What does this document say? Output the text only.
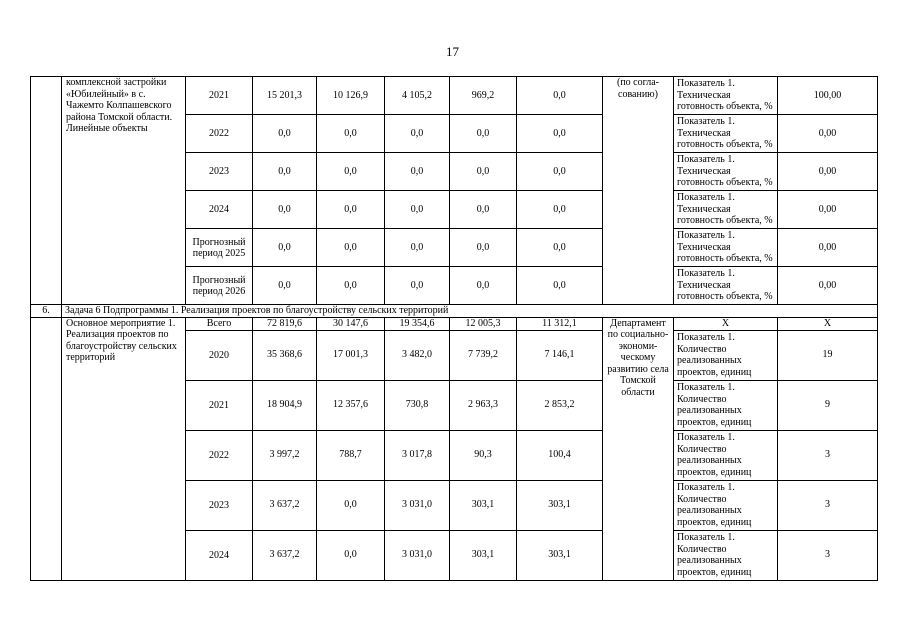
17
	комплексной застройки «Юбилейный» в с. Чажемто Колпашевского района Томской области. Линейные объекты	2021	15 201,3	10 126,9	4 105,2	969,2	0,0	(по согла-сованию)	Показатель 1. Техническая готовность объекта, %	100,00
		2022	0,0	0,0	0,0	0,0	0,0		Показатель 1. Техническая готовность объекта, %	0,00
		2023	0,0	0,0	0,0	0,0	0,0		Показатель 1. Техническая готовность объекта, %	0,00
		2024	0,0	0,0	0,0	0,0	0,0		Показатель 1. Техническая готовность объекта, %	0,00
		Прогнозный период 2025	0,0	0,0	0,0	0,0	0,0		Показатель 1. Техническая готовность объекта, %	0,00
		Прогнозный период 2026	0,0	0,0	0,0	0,0	0,0		Показатель 1. Техническая готовность объекта, %	0,00
6.	Задача 6 Подпрограммы 1. Реализация проектов по благоустройству сельских территорий									
	Основное мероприятие 1. Реализация проектов по благоустройству сельских территорий	Всего	72 819,6	30 147,6	19 354,6	12 005,3	11 312,1	Департамент по социально-экономи-ческому развитию села Томской области	X	X
		2020	35 368,6	17 001,3	3 482,0	7 739,2	7 146,1		Показатель 1. Количество реализованных проектов, единиц	19
		2021	18 904,9	12 357,6	730,8	2 963,3	2 853,2		Показатель 1. Количество реализованных проектов, единиц	9
		2022	3 997,2	788,7	3 017,8	90,3	100,4		Показатель 1. Количество реализованных проектов, единиц	3
		2023	3 637,2	0,0	3 031,0	303,1	303,1		Показатель 1. Количество реализованных проектов, единиц	3
		2024	3 637,2	0,0	3 031,0	303,1	303,1		Показатель 1. Количество реализованных проектов, единиц	3
